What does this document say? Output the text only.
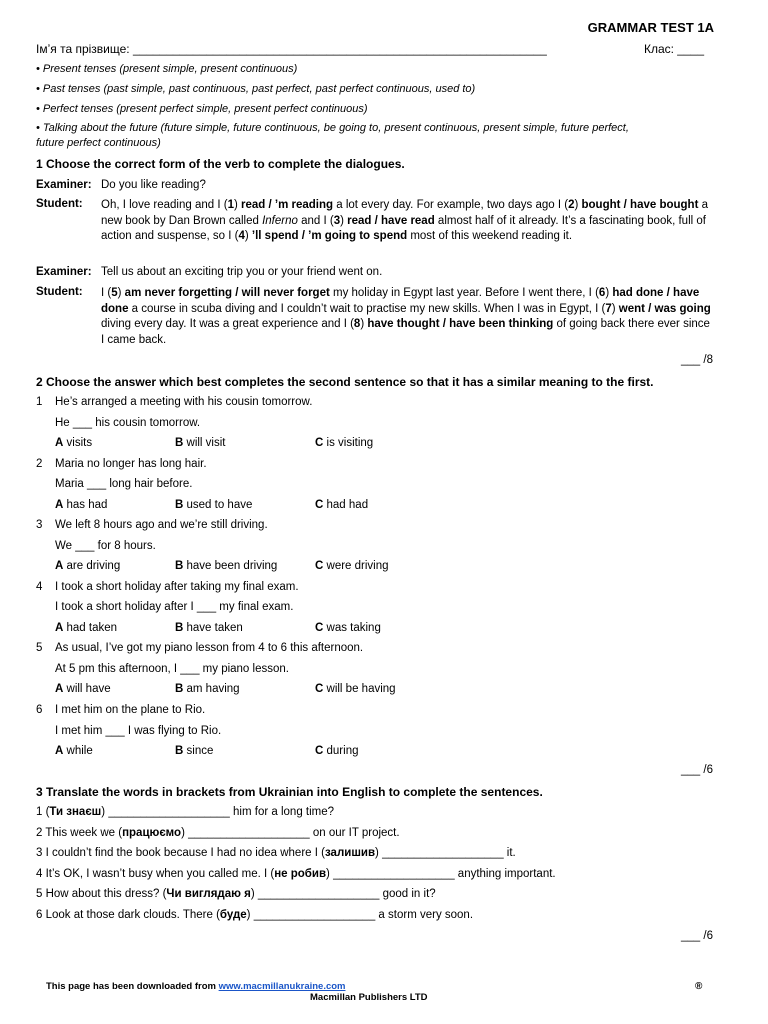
GRAMMAR TEST 1A
Імʼя та прізвище: ______________________________________________________________	Клас: ____
• Present tenses (present simple, present continuous)
• Past tenses (past simple, past continuous, past perfect, past perfect continuous, used to)
• Perfect tenses (present perfect simple, present perfect continuous)
• Talking about the future (future simple, future continuous, be going to, present continuous, present simple, future perfect,
future perfect continuous)
1 Choose the correct form of the verb to complete the dialogues.
Examiner: Do you like reading?
Student:	Oh, I love reading and I (1) read / ’m reading a lot every day. For example, two days ago I (2) bought / have bought a new book by Dan Brown called Inferno and I (3) read / have read almost half of it already. It’s a fascinating book, full of action and suspense, so I (4) ’ll spend / ’m going to spend most of this weekend reading it.
Examiner: Tell us about an exciting trip you or your friend went on.
Student:	I (5) am never forgetting / will never forget my holiday in Egypt last year. Before I went there, I (6) had done / have done a course in scuba diving and I couldn’t wait to practise my new skills. When I was in Egypt, I (7) went / was going diving every day. It was a great experience and I (8) have thought / have been thinking of going back there ever since I came back.
___ /8
2 Choose the answer which best completes the second sentence so that it has a similar meaning to the first.
1 He’s arranged a meeting with his cousin tomorrow.
He ___ his cousin tomorrow.
A visits	B will visit	C is visiting
2 Maria no longer has long hair.
Maria ___ long hair before.
A has had	B used to have	C had had
3 We left 8 hours ago and we’re still driving.
We ___ for 8 hours.
A are driving	B have been driving	C were driving
4 I took a short holiday after taking my final exam.
I took a short holiday after I ___ my final exam.
A had taken	B have taken	C was taking
5 As usual, I’ve got my piano lesson from 4 to 6 this afternoon.
At 5 pm this afternoon, I ___ my piano lesson.
A will have	B am having	C will be having
6 I met him on the plane to Rio.
I met him ___ I was flying to Rio.
A while	B since	C during
___ /6
3 Translate the words in brackets from Ukrainian into English to complete the sentences.
1 (Ти знаєш) ___________________ him for a long time?
2 This week we (працюємо) ___________________ on our IT project.
3 I couldn’t find the book because I had no idea where I (залишив) ___________________ it.
4 It’s OK, I wasn’t busy when you called me. I (не робив) ___________________ anything important.
5 How about this dress? (Чи виглядаю я) ___________________ good in it?
6 Look at those dark clouds. There (буде) ___________________ a storm very soon.
___ /6
This page has been downloaded from www.macmillanukraine.com
Macmillan Publishers LTD
®
